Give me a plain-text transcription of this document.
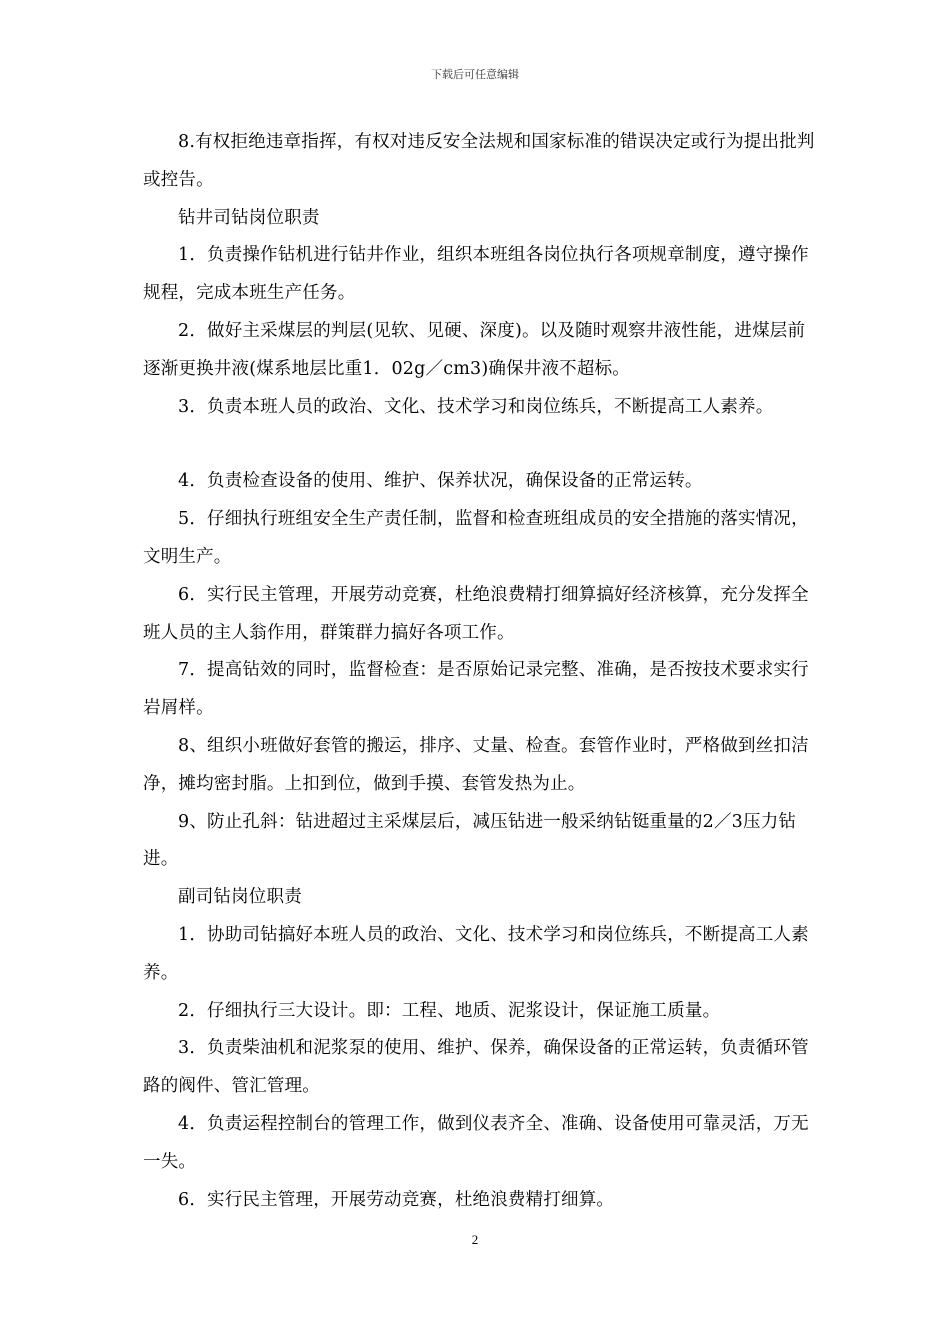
下载后可任意编辑

8.有权拒绝违章指挥，有权对违反安全法规和国家标准的错误决定或行为提出批判或控告。

钻井司钻岗位职责

1．负责操作钻机进行钻井作业，组织本班组各岗位执行各项规章制度，遵守操作规程，完成本班生产任务。

2．做好主采煤层的判层(见软、见硬、深度)。以及随时观察井液性能，进煤层前逐渐更换井液(煤系地层比重1．02g／cm3)确保井液不超标。

3．负责本班人员的政治、文化、技术学习和岗位练兵，不断提高工人素养。

4．负责检查设备的使用、维护、保养状况，确保设备的正常运转。

5．仔细执行班组安全生产责任制，监督和检查班组成员的安全措施的落实情况，文明生产。

6．实行民主管理，开展劳动竞赛，杜绝浪费精打细算搞好经济核算，充分发挥全班人员的主人翁作用，群策群力搞好各项工作。

7．提高钻效的同时，监督检查：是否原始记录完整、准确，是否按技术要求实行岩屑样。

8、组织小班做好套管的搬运，排序、丈量、检查。套管作业时，严格做到丝扣洁净，摊均密封脂。上扣到位，做到手摸、套管发热为止。

9、防止孔斜：钻进超过主采煤层后，减压钻进一般采纳钻铤重量的2／3压力钻进。

副司钻岗位职责

1．协助司钻搞好本班人员的政治、文化、技术学习和岗位练兵，不断提高工人素养。

2．仔细执行三大设计。即：工程、地质、泥浆设计，保证施工质量。

3．负责柴油机和泥浆泵的使用、维护、保养，确保设备的正常运转，负责循环管路的阀件、管汇管理。

4．负责运程控制台的管理工作，做到仪表齐全、准确、设备使用可靠灵活，万无一失。

6．实行民主管理，开展劳动竞赛，杜绝浪费精打细算。

2
